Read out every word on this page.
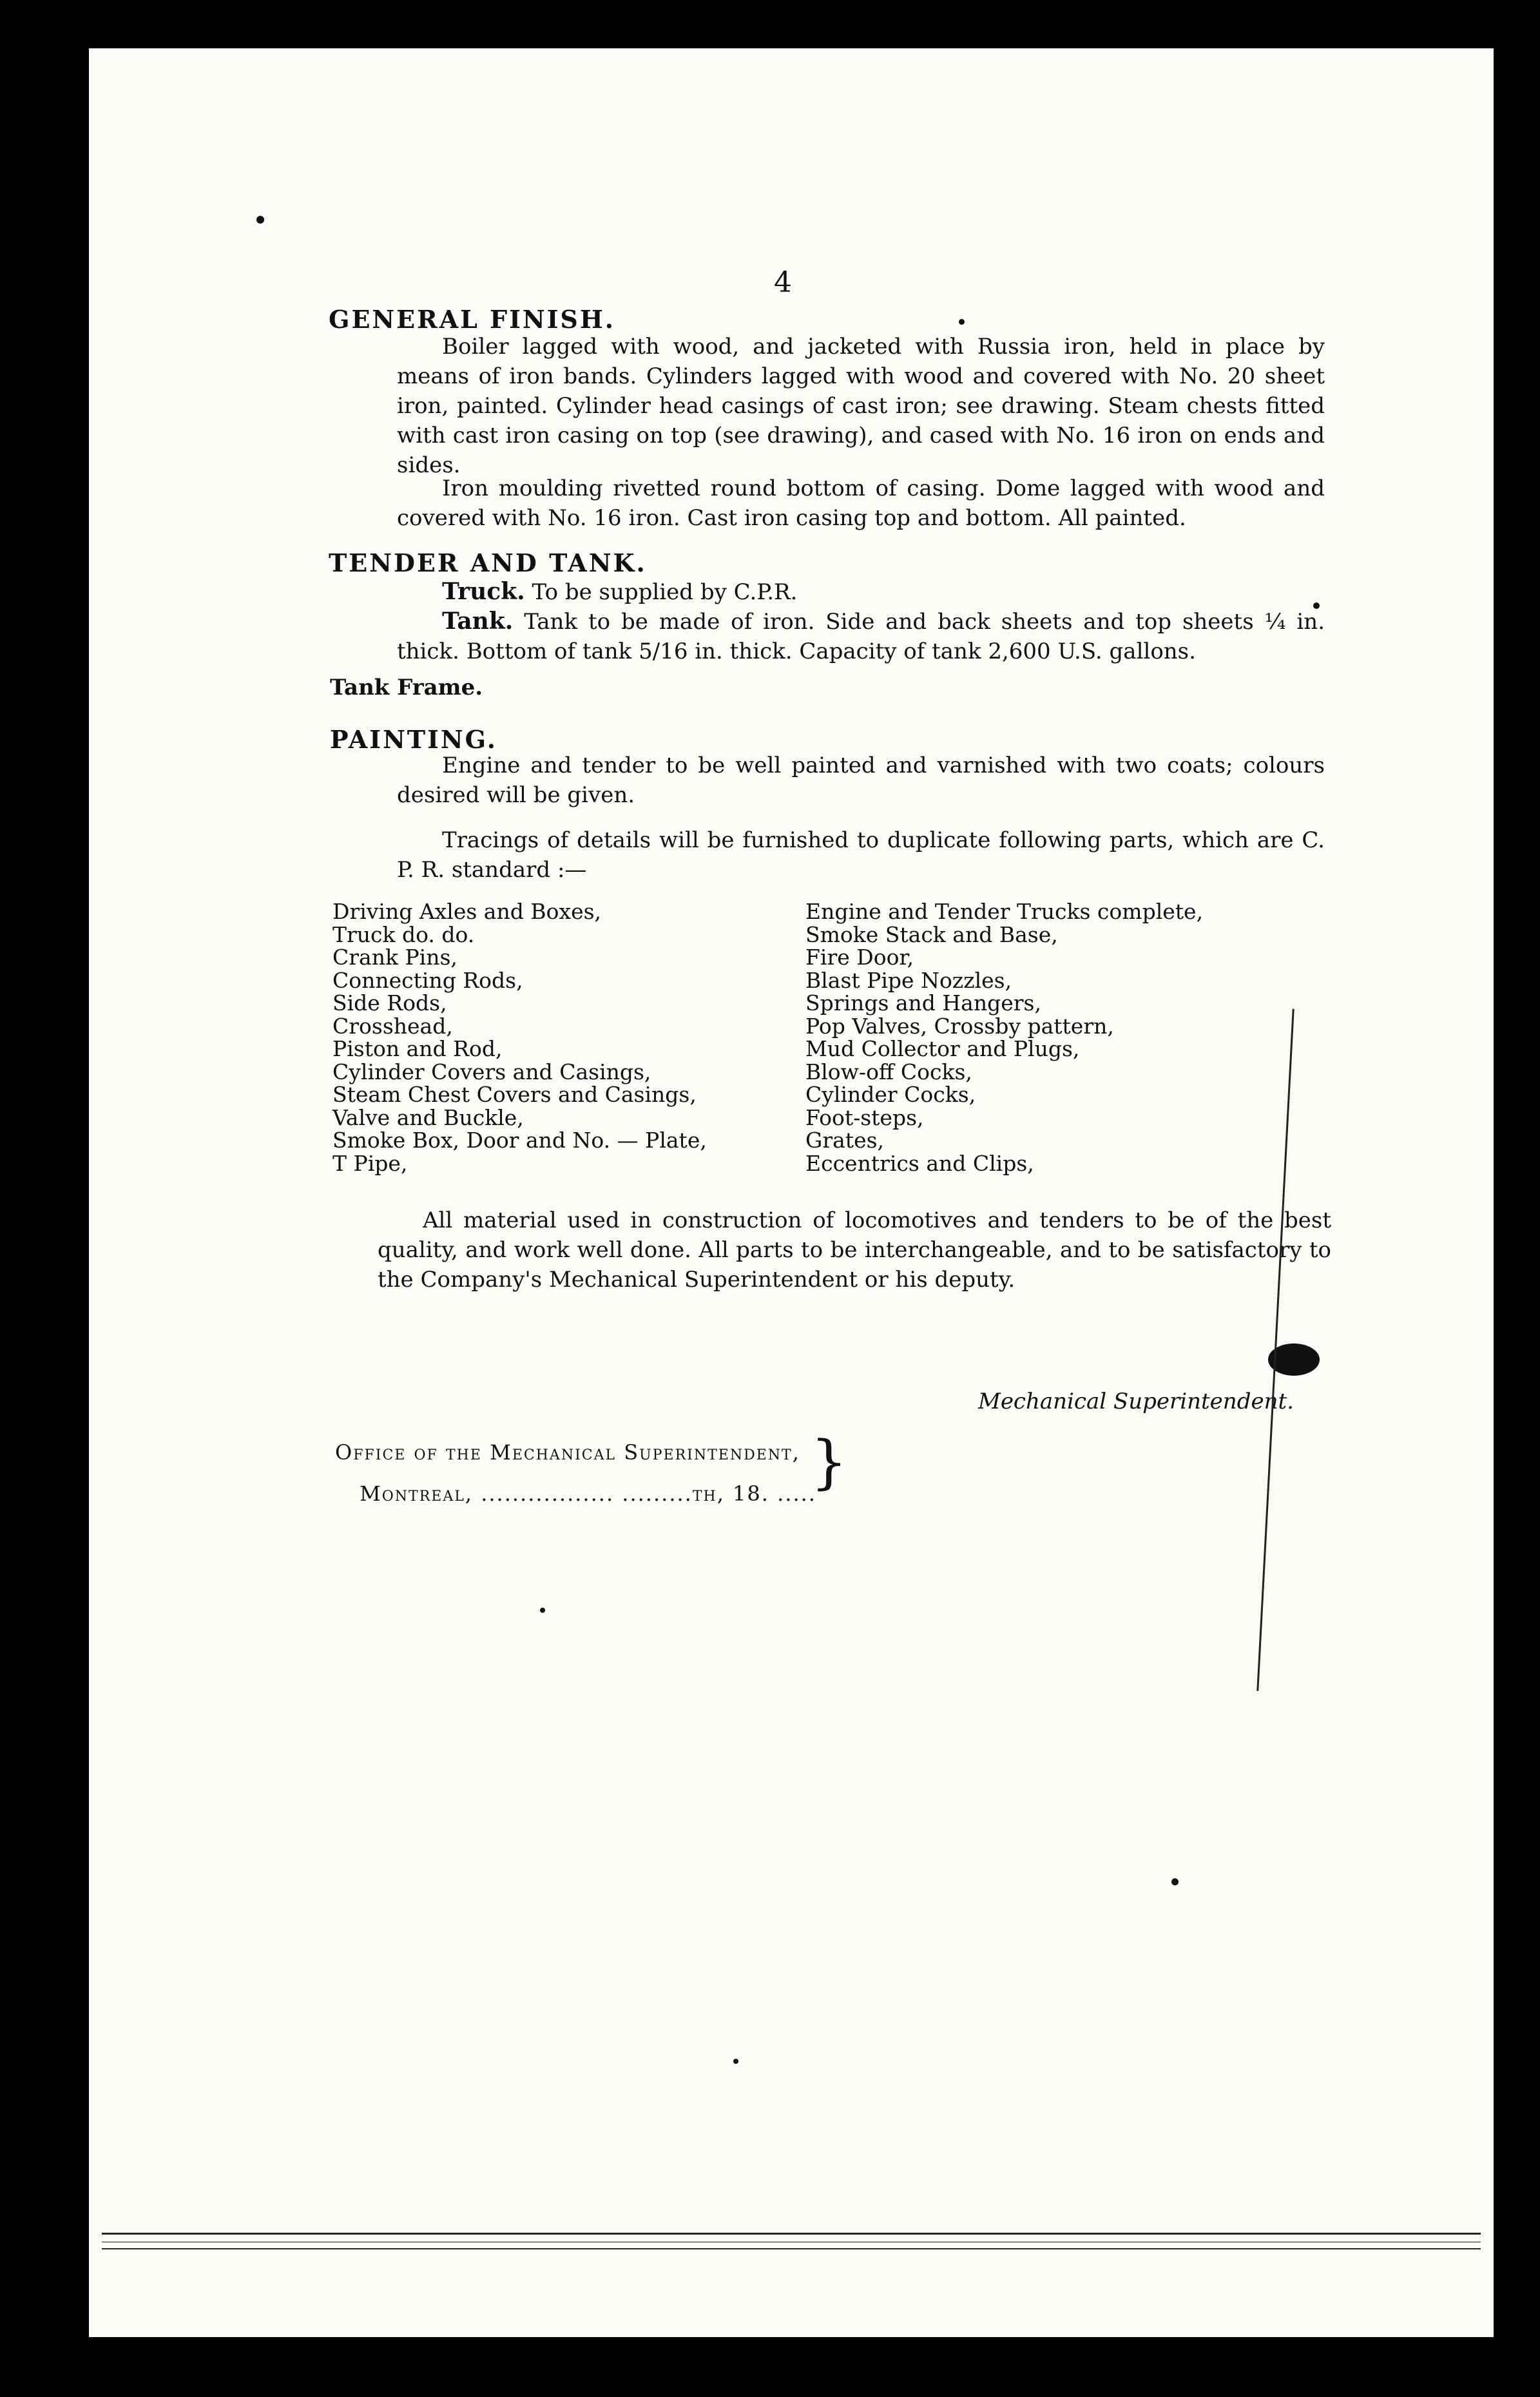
4
GENERAL FINISH.
Boiler lagged with wood, and jacketed with Russia iron, held in place by means of iron bands. Cylinders lagged with wood and covered with No. 20 sheet iron, painted. Cylinder head casings of cast iron; see drawing. Steam chests fitted with cast iron casing on top (see drawing), and cased with No. 16 iron on ends and sides.
Iron moulding rivetted round bottom of casing. Dome lagged with wood and covered with No. 16 iron. Cast iron casing top and bottom. All painted.
TENDER AND TANK.
Truck. To be supplied by C.P.R.
Tank. Tank to be made of iron. Side and back sheets and top sheets ¼ in. thick. Bottom of tank 5/16 in. thick. Capacity of tank 2,600 U.S. gallons.
Tank Frame.
PAINTING.
Engine and tender to be well painted and varnished with two coats; colours desired will be given.
Tracings of details will be furnished to duplicate following parts, which are C. P. R. standard :—
Driving Axles and Boxes,
Truck do. do.
Crank Pins,
Connecting Rods,
Side Rods,
Crosshead,
Piston and Rod,
Cylinder Covers and Casings,
Steam Chest Covers and Casings,
Valve and Buckle,
Smoke Box, Door and No. — Plate,
T Pipe,
Engine and Tender Trucks complete,
Smoke Stack and Base,
Fire Door,
Blast Pipe Nozzles,
Springs and Hangers,
Pop Valves, Crossby pattern,
Mud Collector and Plugs,
Blow-off Cocks,
Cylinder Cocks,
Foot-steps,
Grates,
Eccentrics and Clips,
All material used in construction of locomotives and tenders to be of the best quality, and work well done. All parts to be interchangeable, and to be satisfactory to the Company's Mechanical Superintendent or his deputy.
Mechanical Superintendent.
Office of the Mechanical Superintendent,
Montreal, ................. .........th, 18. .....
}
